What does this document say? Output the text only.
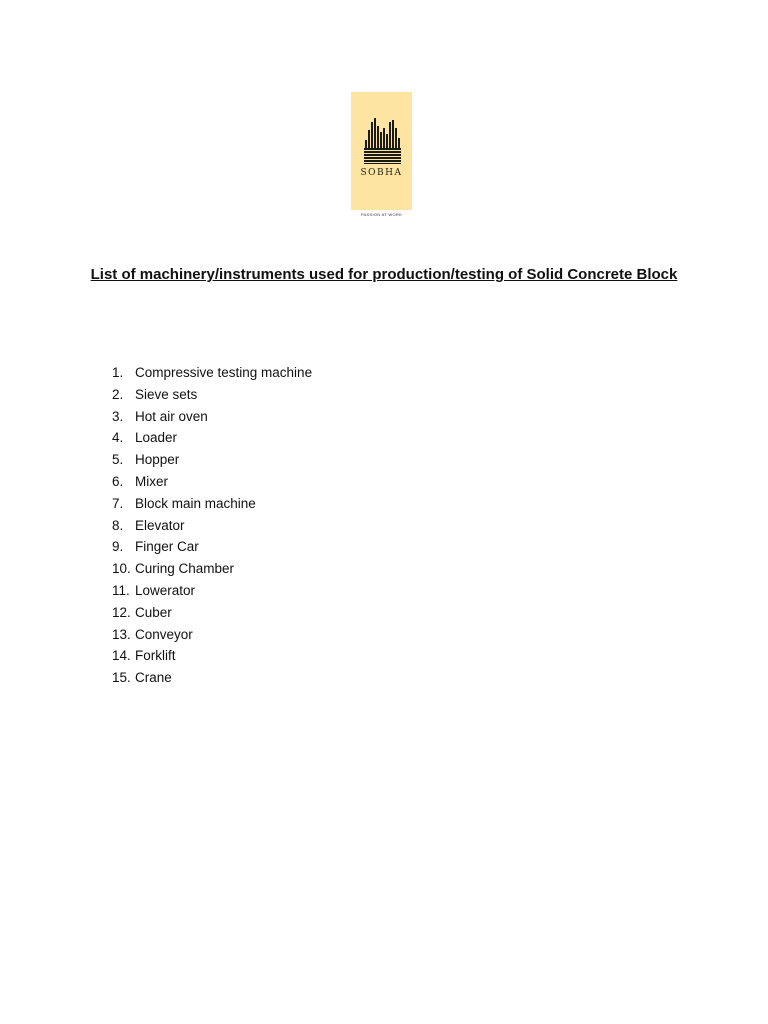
SOBHA
PASSION AT WORK
List of machinery/instruments used for production/testing of Solid Concrete Block
1. Compressive testing machine
2. Sieve sets
3. Hot air oven
4. Loader
5. Hopper
6. Mixer
7. Block main machine
8. Elevator
9. Finger Car
10. Curing Chamber
11. Lowerator
12. Cuber
13. Conveyor
14. Forklift
15. Crane
